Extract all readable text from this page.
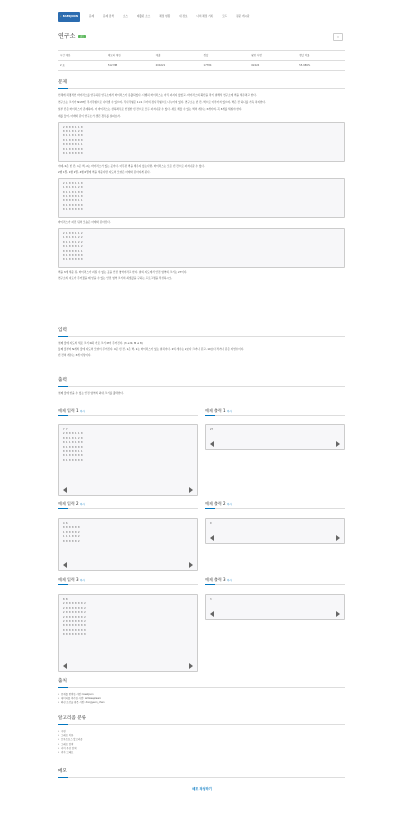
⚡ BAEKJOON	문제	문제 검색	소스	제출된 소스	채점 현황	내 정보	나의 채점 기록	코드	질문 게시판
연구소	골드	☆
시간 제한	메모리 제한	제출	정답	맞힌 사람	정답 비율
2 초	512 MB	204221	17784	62424	55.989%
문제
인체에 치명적인 바이러스를 연구하던 연구소에서 바이러스가 유출되었다. 다행히 바이러스는 아직 퍼지지 않았고, 바이러스의 확산을 막기 위해서 연구소에 벽을 세우려고 한다.
연구소는 크기가 N×M인 직사각형으로 나타낼 수 있으며, 직사각형은 1×1 크기의 정사각형으로 나누어져 있다. 연구소는 빈 칸, 벽으로 이루어져 있으며, 벽은 칸 하나를 가득 차지한다.
일부 칸은 바이러스가 존재하며, 이 바이러스는 상하좌우로 인접한 빈 칸으로 모두 퍼져나갈 수 있다. 새로 세울 수 있는 벽의 개수는 3개이며, 꼭 3개를 세워야 한다.
예를 들어, 아래와 같이 연구소가 생긴 경우를 살펴보자.
2 0 0 0 1 1 0
0 0 1 0 1 2 0
0 1 1 0 1 0 0
0 1 0 0 0 0 0
0 0 0 0 0 1 1
0 1 0 0 0 0 0
0 1 0 0 0 0 0
이때, 0은 빈 칸, 1은 벽, 2는 바이러스가 있는 곳이다. 아무런 벽을 세우지 않는다면, 바이러스는 모든 빈 칸으로 퍼져나갈 수 있다.
2행 1열, 1행 2열, 4행 6열에 벽을 세운다면 지도의 모양은 아래와 같아지게 된다.
2 1 0 0 1 1 0
1 0 1 0 1 2 0
0 1 1 0 1 0 0
0 1 0 0 0 1 0
0 0 0 0 0 1 1
0 1 0 0 0 0 0
0 1 0 0 0 0 0
바이러스가 퍼진 뒤의 모습은 아래와 같아진다.
2 1 0 0 1 1 2
1 0 1 0 1 2 2
0 1 1 0 1 2 2
0 1 0 0 0 1 2
0 0 0 0 0 1 1
0 1 0 0 0 0 0
0 1 0 0 0 0 0
벽을 3개 세운 뒤, 바이러스가 퍼질 수 없는 곳을 안전 영역이라고 한다. 위의 지도에서 안전 영역의 크기는 27이다.
연구소의 지도가 주어졌을 때 얻을 수 있는 안전 영역 크기의 최댓값을 구하는 프로그램을 작성하시오.
입력
첫째 줄에 지도의 세로 크기 N과 가로 크기 M이 주어진다. (3 ≤ N, M ≤ 8)
둘째 줄부터 N개의 줄에 지도의 모양이 주어진다. 0은 빈 칸, 1은 벽, 2는 바이러스가 있는 위치이다. 2의 개수는 2보다 크거나 같고, 10보다 작거나 같은 자연수이다.
빈 칸의 개수는 3개 이상이다.
출력
첫째 줄에 얻을 수 있는 안전 영역의 최대 크기를 출력한다.
예제 입력 1 복사	예제 출력 1 복사
7 7
2 0 0 0 1 1 0
0 0 1 0 1 2 0
0 1 1 0 1 0 0
0 1 0 0 0 0 0
0 0 0 0 0 1 1
0 1 0 0 0 0 0
0 1 0 0 0 0 0
27
예제 입력 2 복사	예제 출력 2 복사
4 6
0 0 0 0 0 0
1 0 0 0 0 2
1 1 1 0 0 2
0 0 0 0 0 2
9
예제 입력 3 복사	예제 출력 3 복사
8 8
2 0 0 0 0 0 0 2
2 0 0 0 0 0 0 2
2 0 0 0 0 0 0 2
2 0 0 0 0 0 0 2
2 0 0 0 0 0 0 2
0 0 0 0 0 0 0 0
0 0 0 0 0 0 0 0
0 0 0 0 0 0 0 0
3
출처
• 문제를 번역한 사람: baekjoon
• 데이터를 추가한 사람: iamkeeplearn
• 빠진 조건을 찾은 사람: dongyeon_chen
알고리즘 분류
• 구현
• 그래프 이론
• 브루트포스 알고리즘
• 그래프 탐색
• 너비 우선 탐색
• 격자 그래프
메모
메모 작성하기
